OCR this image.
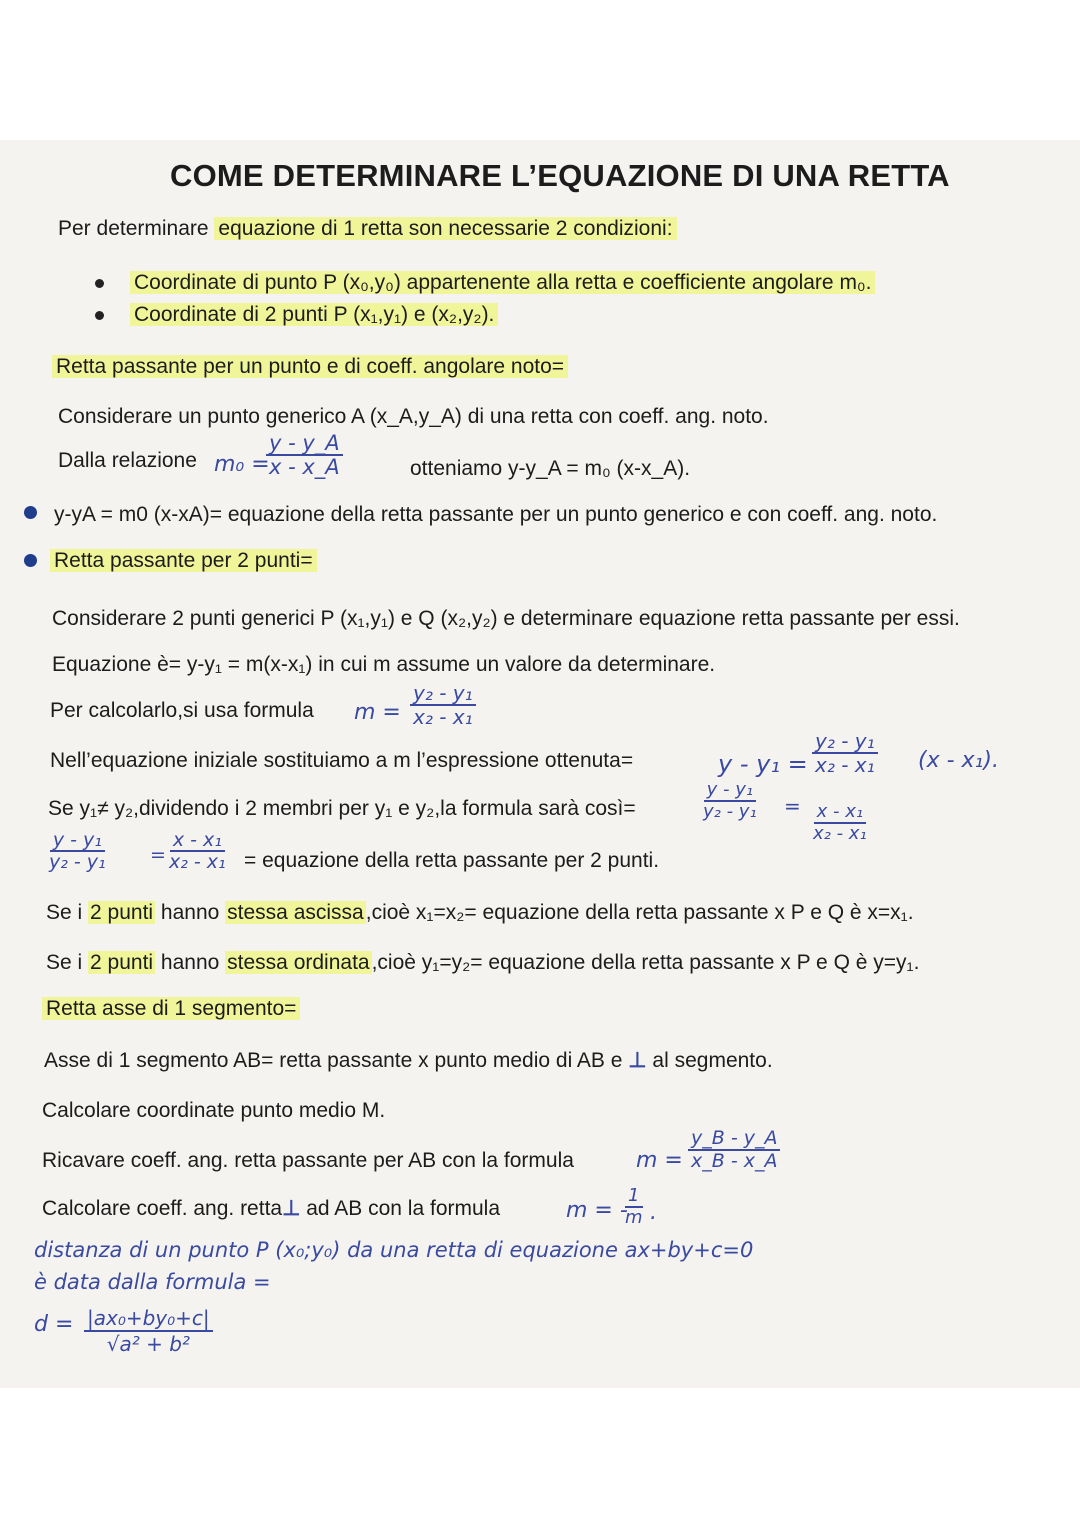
COME DETERMINARE L’EQUAZIONE DI UNA RETTA
Per determinare equazione di 1 retta son necessarie 2 condizioni:
Coordinate di punto P (x₀,y₀) appartenente alla retta e coefficiente angolare m₀.
Coordinate di 2 punti P (x₁,y₁) e (x₂,y₂).
Retta passante per un punto e di coeff. angolare noto=
Considerare un punto generico A (x_A,y_A) di una retta con coeff. ang. noto.
Dalla relazione m₀ =
$\frac{y - y\_A}{x - x\_A}$	otteniamo y-y_A = m₀ (x-x_A).
y-yA = m0 (x-xA)= equazione della retta passante per un punto generico e con coeff. ang. noto.
Retta passante per 2 punti=
Considerare 2 punti generici P (x₁,y₁) e Q (x₂,y₂) e determinare equazione retta passante per essi.
Equazione è= y-y₁ = m(x-x₁) in cui m assume un valore da determinare.
Per calcolarlo,si usa formula $m = \frac{\text{y₂ - y₁}}{\text{x₂ - x₁}}$
Nell’equazione iniziale sostituiamo a m l’espressione ottenuta=	$y - y_1 = \frac{\text{y₂ - y₁}}{\text{x₂ - x₁}} (x - x_1)$.
Se y₁≠ y₂,dividendo i 2 membri per y₁ e y₂,la formula sarà così=	$\frac{\text{y - y₁}}{\text{y₂ - y₁}} = \frac{\text{x - x₁}}{\text{x₂ - x₁}}$
$\frac{\text{y - y₁}}{\text{y₂ - y₁}} = \frac{\text{x - x₁}}{\text{x₂ - x₁}}$ = equazione della retta passante per 2 punti.
Se i 2 punti hanno stessa ascissa,cioè x₁=x₂= equazione della retta passante x P e Q è x=x₁.
Se i 2 punti hanno stessa ordinata,cioè y₁=y₂= equazione della retta passante x P e Q è y=y₁.
Retta asse di 1 segmento=
Asse di 1 segmento AB= retta passante x punto medio di AB e ⊥ al segmento.
Calcolare coordinate punto medio M.
Ricavare coeff. ang. retta passante per AB con la formula	$m = \frac{y\_B - y\_A}{x\_B - x\_A}$
Calcolare coeff. ang. retta⊥ ad AB con la formula	m = -
$\frac{1}{m}$ .
distanza di un punto P (x₀;y₀) da una retta di equazione ax+by+c=0
è data dalla formula =
$d = \frac{\text{|ax₀+by₀+c|}}{\text{√a² + b²}}$
